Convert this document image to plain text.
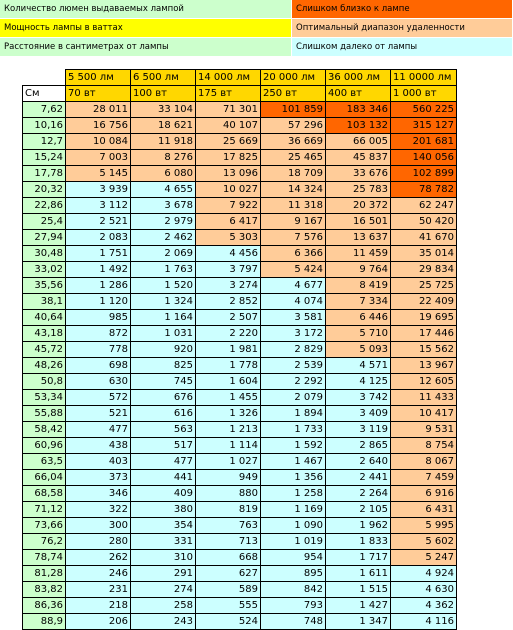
Количество люмен выдаваемых лампой	Слишком близко к лампе
Мощность лампы в ваттах	Оптимальный диапазон удаленности
Расстояние в сантиметрах от лампы	Слишком далеко от лампы
	5 500 лм	6 500 лм	14 000 лм	20 000 лм	36 000 лм	11 0000 лм
См	70 вт	100 вт	175 вт	250 вт	400 вт	1 000 вт
7,62	28 011	33 104	71 301	101 859	183 346	560 225
10,16	16 756	18 621	40 107	57 296	103 132	315 127
12,7	10 084	11 918	25 669	36 669	66 005	201 681
15,24	7 003	8 276	17 825	25 465	45 837	140 056
17,78	5 145	6 080	13 096	18 709	33 676	102 899
20,32	3 939	4 655	10 027	14 324	25 783	78 782
22,86	3 112	3 678	7 922	11 318	20 372	62 247
25,4	2 521	2 979	6 417	9 167	16 501	50 420
27,94	2 083	2 462	5 303	7 576	13 637	41 670
30,48	1 751	2 069	4 456	6 366	11 459	35 014
33,02	1 492	1 763	3 797	5 424	9 764	29 834
35,56	1 286	1 520	3 274	4 677	8 419	25 725
38,1	1 120	1 324	2 852	4 074	7 334	22 409
40,64	985	1 164	2 507	3 581	6 446	19 695
43,18	872	1 031	2 220	3 172	5 710	17 446
45,72	778	920	1 981	2 829	5 093	15 562
48,26	698	825	1 778	2 539	4 571	13 967
50,8	630	745	1 604	2 292	4 125	12 605
53,34	572	676	1 455	2 079	3 742	11 433
55,88	521	616	1 326	1 894	3 409	10 417
58,42	477	563	1 213	1 733	3 119	9 531
60,96	438	517	1 114	1 592	2 865	8 754
63,5	403	477	1 027	1 467	2 640	8 067
66,04	373	441	949	1 356	2 441	7 459
68,58	346	409	880	1 258	2 264	6 916
71,12	322	380	819	1 169	2 105	6 431
73,66	300	354	763	1 090	1 962	5 995
76,2	280	331	713	1 019	1 833	5 602
78,74	262	310	668	954	1 717	5 247
81,28	246	291	627	895	1 611	4 924
83,82	231	274	589	842	1 515	4 630
86,36	218	258	555	793	1 427	4 362
88,9	206	243	524	748	1 347	4 116
